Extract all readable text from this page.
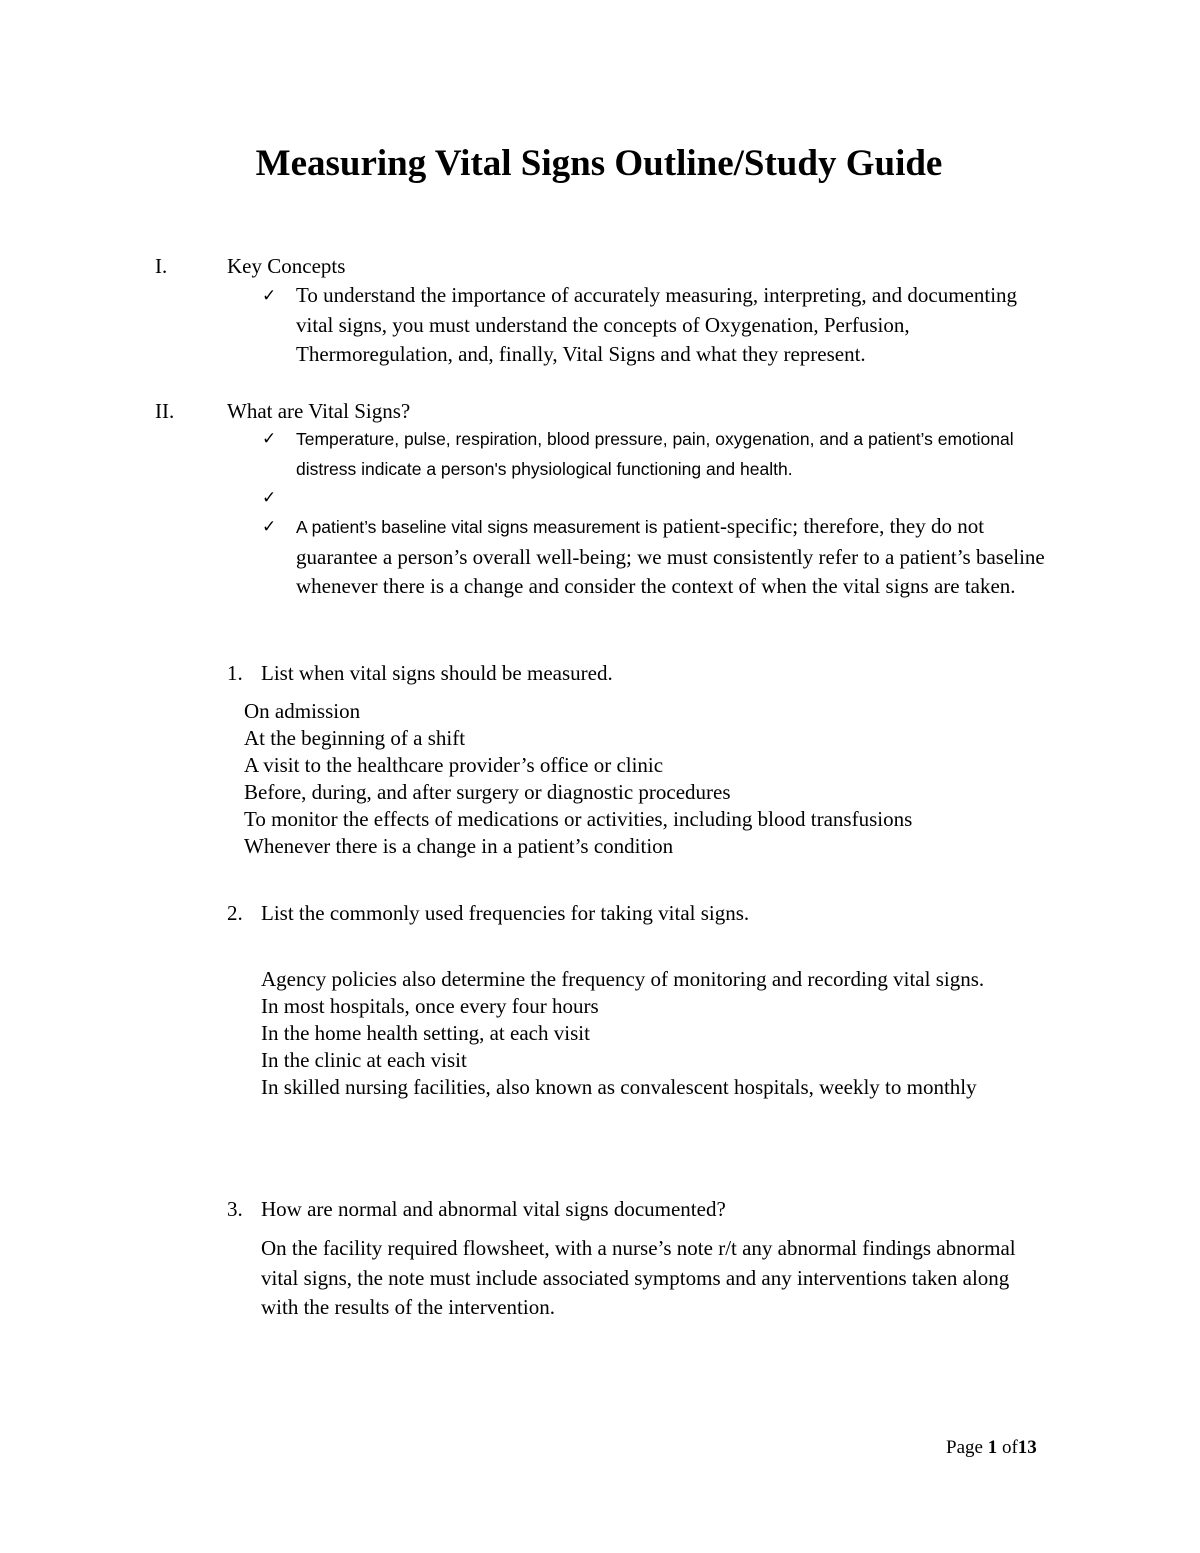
Measuring Vital Signs Outline/Study Guide
I.	Key Concepts
✓ To understand the importance of accurately measuring, interpreting, and documenting vital signs, you must understand the concepts of Oxygenation, Perfusion, Thermoregulation, and, finally, Vital Signs and what they represent.
II.	What are Vital Signs?
✓ Temperature, pulse, respiration, blood pressure, pain, oxygenation, and a patient’s emotional distress indicate a person's physiological functioning and health.
✓
✓ A patient’s baseline vital signs measurement is patient-specific; therefore, they do not guarantee a person’s overall well-being; we must consistently refer to a patient’s baseline whenever there is a change and consider the context of when the vital signs are taken.
1. List when vital signs should be measured.
On admission
At the beginning of a shift
A visit to the healthcare provider’s office or clinic
Before, during, and after surgery or diagnostic procedures
To monitor the effects of medications or activities, including blood transfusions
Whenever there is a change in a patient’s condition
2. List the commonly used frequencies for taking vital signs.
Agency policies also determine the frequency of monitoring and recording vital signs.
In most hospitals, once every four hours
In the home health setting, at each visit
In the clinic at each visit
In skilled nursing facilities, also known as convalescent hospitals, weekly to monthly
3. How are normal and abnormal vital signs documented?
On the facility required flowsheet, with a nurse’s note r/t any abnormal findings abnormal vital signs, the note must include associated symptoms and any interventions taken along with the results of the intervention.
Page 1 of13
